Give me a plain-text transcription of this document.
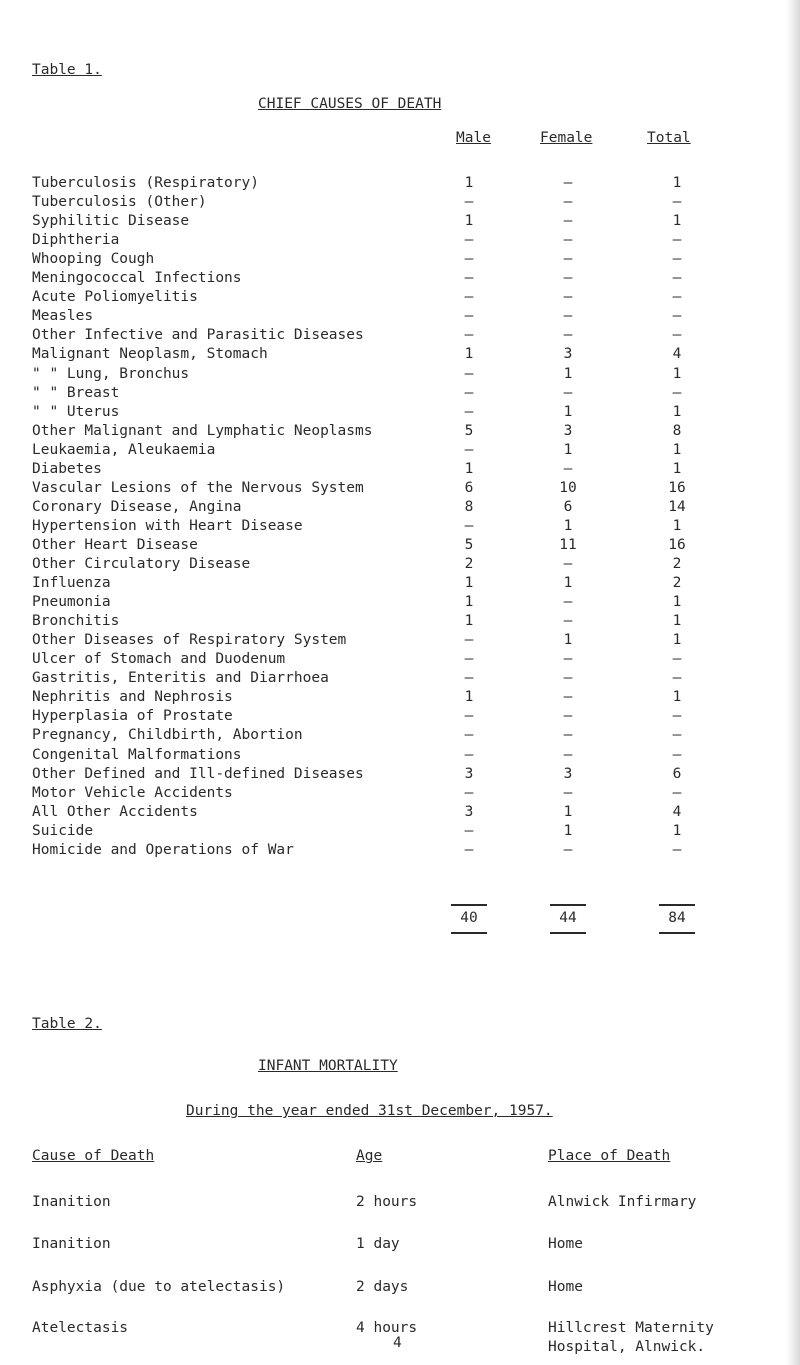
Table 1.
CHIEF CAUSES OF DEATH
Male	Female	Total
Tuberculosis (Respiratory)	1	–	1
Tuberculosis (Other)	–	–	–
Syphilitic Disease	1	–	1
Diphtheria	–	–	–
Whooping Cough	–	–	–
Meningococcal Infections	–	–	–
Acute Poliomyelitis	–	–	–
Measles	–	–	–
Other Infective and Parasitic Diseases	–	–	–
Malignant Neoplasm, Stomach	1	3	4
" " Lung, Bronchus	–	1	1
" " Breast	–	–	–
" " Uterus	–	1	1
Other Malignant and Lymphatic Neoplasms	5	3	8
Leukaemia, Aleukaemia	–	1	1
Diabetes	1	–	1
Vascular Lesions of the Nervous System	6	10	16
Coronary Disease, Angina	8	6	14
Hypertension with Heart Disease	–	1	1
Other Heart Disease	5	11	16
Other Circulatory Disease	2	–	2
Influenza	1	1	2
Pneumonia	1	–	1
Bronchitis	1	–	1
Other Diseases of Respiratory System	–	1	1
Ulcer of Stomach and Duodenum	–	–	–
Gastritis, Enteritis and Diarrhoea	–	–	–
Nephritis and Nephrosis	1	–	1
Hyperplasia of Prostate	–	–	–
Pregnancy, Childbirth, Abortion	–	–	–
Congenital Malformations	–	–	–
Other Defined and Ill-defined Diseases	3	3	6
Motor Vehicle Accidents	–	–	–
All Other Accidents	3	1	4
Suicide	–	1	1
Homicide and Operations of War	–	–	–
40	44	84
Table 2.
INFANT MORTALITY
During the year ended 31st December, 1957.
Cause of Death	Age	Place of Death
Inanition	2 hours	Alnwick Infirmary
Inanition	1 day	Home
Asphyxia (due to atelectasis)	2 days	Home
Atelectasis	4 hours	Hillcrest Maternity
Hospital, Alnwick.
4
